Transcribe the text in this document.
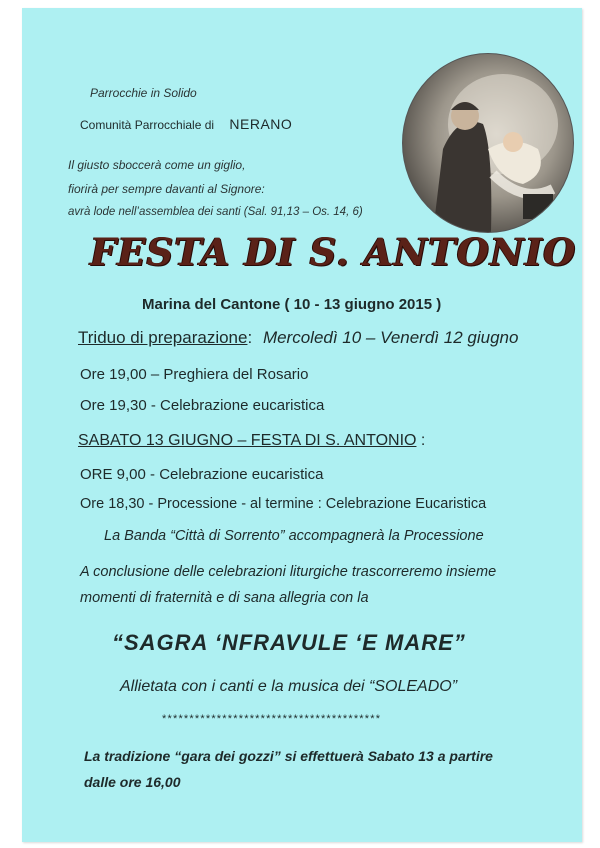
Parrocchie in Solido
Comunità Parrocchiale di NERANO
Il giusto sboccerà come un giglio,
fiorirà per sempre davanti al Signore:
avrà lode nell’assemblea dei santi (Sal. 91,13 – Os. 14, 6)
FESTA DI S. ANTONIO
Marina del Cantone ( 10 - 13 giugno 2015 )
Triduo di preparazione: Mercoledì 10 – Venerdì 12 giugno
Ore 19,00 – Preghiera del Rosario
Ore 19,30 - Celebrazione eucaristica
SABATO 13 GIUGNO – FESTA DI S. ANTONIO :
ORE 9,00 - Celebrazione eucaristica
Ore 18,30 - Processione - al termine : Celebrazione Eucaristica
La Banda “Città di Sorrento” accompagnerà la Processione
A conclusione delle celebrazioni liturgiche trascorreremo insieme
momenti di fraternità e di sana allegria con la
“SAGRA ‘NFRAVULE ‘E MARE”
Allietata con i canti e la musica dei “SOLEADO”
****************************************
La tradizione “gara dei gozzi” si effettuerà Sabato 13 a partire
dalle ore 16,00
